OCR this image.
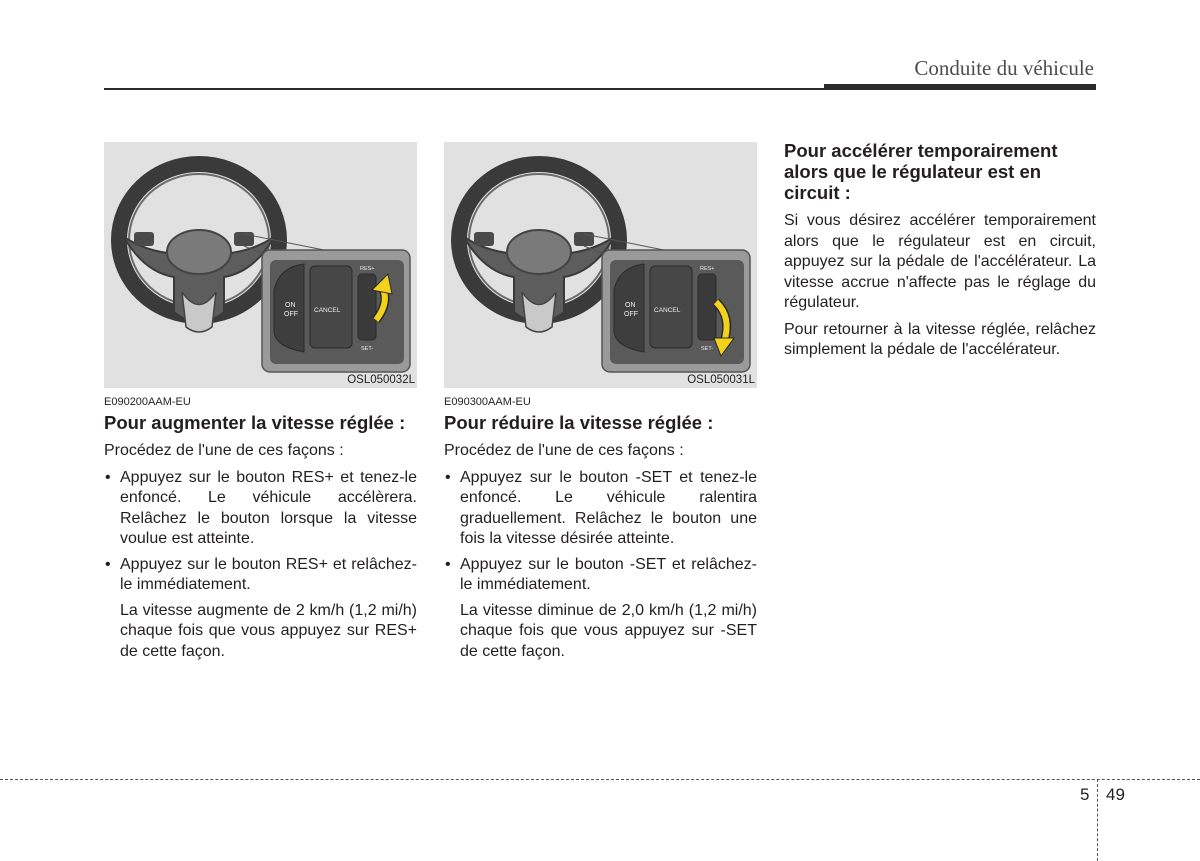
Conduite du véhicule
ON
OFF
CANCEL
RES+
SET-
OSL050032L
E090200AAM-EU
Pour augmenter la vitesse réglée :

Procédez de l'une de ces façons :

• Appuyez sur le bouton RES+ et tenez-le enfoncé. Le véhicule accélèrera. Relâchez le bouton lorsque la vitesse voulue est atteinte.
• Appuyez sur le bouton RES+ et relâchez-le immédiatement.

La vitesse augmente de 2 km/h (1,2 mi/h) chaque fois que vous appuyez sur RES+ de cette façon.

ON
OFF
CANCEL
RES+
SET-
OSL050031L
E090300AAM-EU
Pour réduire la vitesse réglée :

Procédez de l'une de ces façons :

• Appuyez sur le bouton -SET et tenez-le enfoncé. Le véhicule ralentira graduellement. Relâchez le bouton une fois la vitesse désirée atteinte.
• Appuyez sur le bouton -SET et relâchez-le immédiatement.

La vitesse diminue de 2,0 km/h (1,2 mi/h) chaque fois que vous appuyez sur -SET de cette façon.

Pour accélérer temporairement alors que le régulateur est en circuit :

Si vous désirez accélérer temporairement alors que le régulateur est en circuit, appuyez sur la pédale de l'accélérateur. La vitesse accrue n'affecte pas le réglage du régulateur.

Pour retourner à la vitesse réglée, relâchez simplement la pédale de l'accélérateur.

5 49
